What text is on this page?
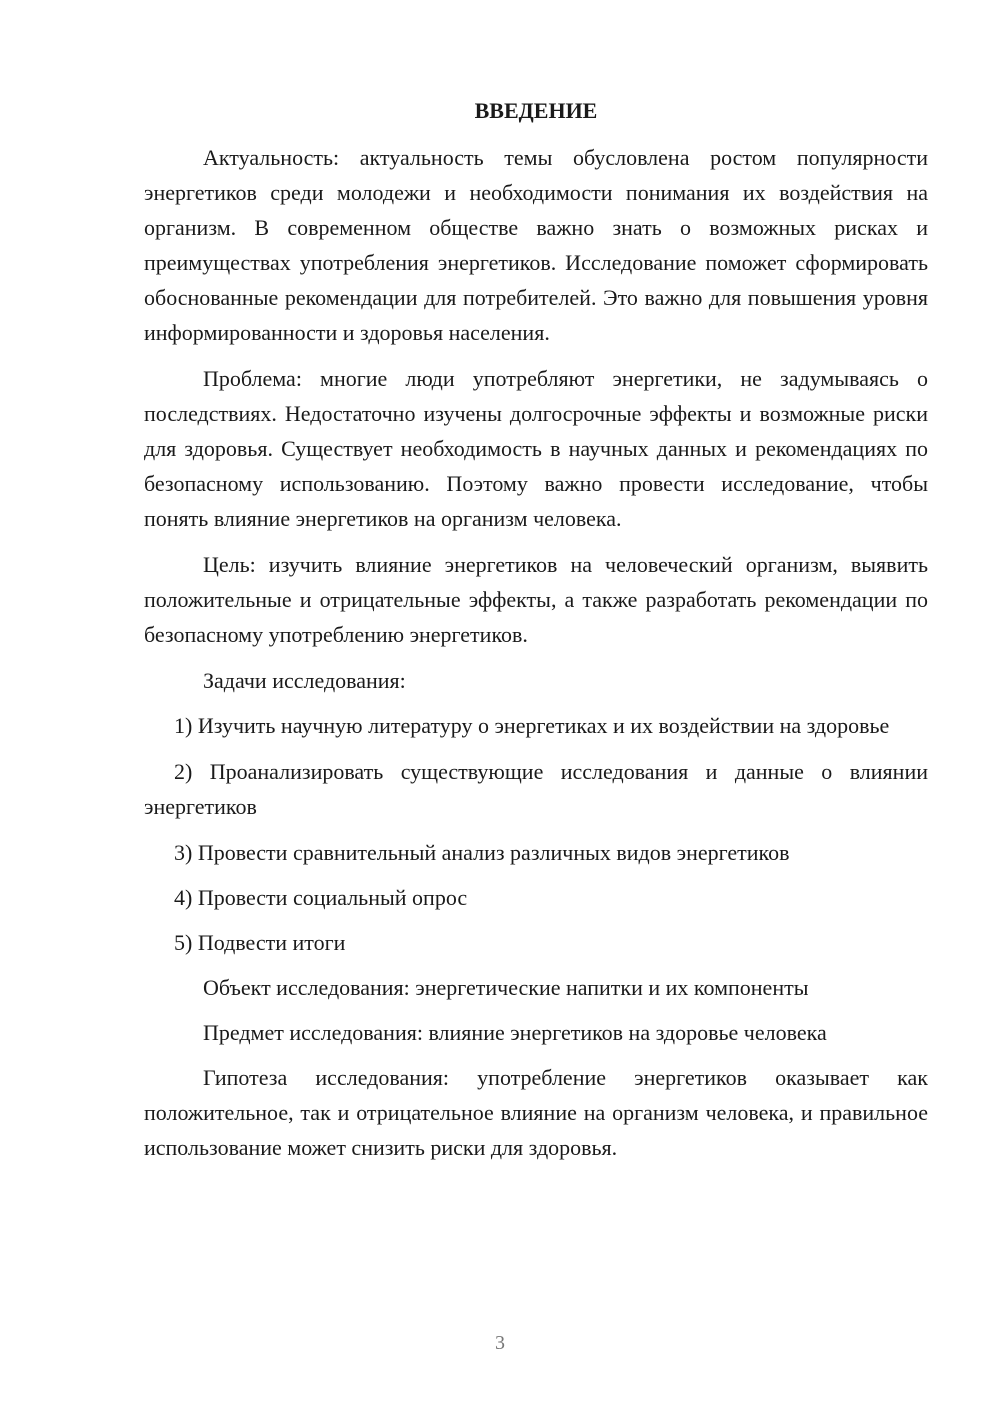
ВВЕДЕНИЕ

Актуальность: актуальность темы обусловлена ростом популярности энергетиков среди молодежи и необходимости понимания их воздействия на организм. В современном обществе важно знать о возможных рисках и преимуществах употребления энергетиков. Исследование поможет сформировать обоснованные рекомендации для потребителей. Это важно для повышения уровня информированности и здоровья населения.

Проблема: многие люди употребляют энергетики, не задумываясь о последствиях. Недостаточно изучены долгосрочные эффекты и возможные риски для здоровья. Существует необходимость в научных данных и рекомендациях по безопасному использованию. Поэтому важно провести исследование, чтобы понять влияние энергетиков на организм человека.

Цель: изучить влияние энергетиков на человеческий организм, выявить положительные и отрицательные эффекты, а также разработать рекомендации по безопасному употреблению энергетиков.

Задачи исследования:

1) Изучить научную литературу о энергетиках и их воздействии на здоровье

2) Проанализировать существующие исследования и данные о влиянии энергетиков

3) Провести сравнительный анализ различных видов энергетиков

4) Провести социальный опрос

5) Подвести итоги

Объект исследования: энергетические напитки и их компоненты

Предмет исследования: влияние энергетиков на здоровье человека

Гипотеза исследования: употребление энергетиков оказывает как положительное, так и отрицательное влияние на организм человека, и правильное использование может снизить риски для здоровья.

3
